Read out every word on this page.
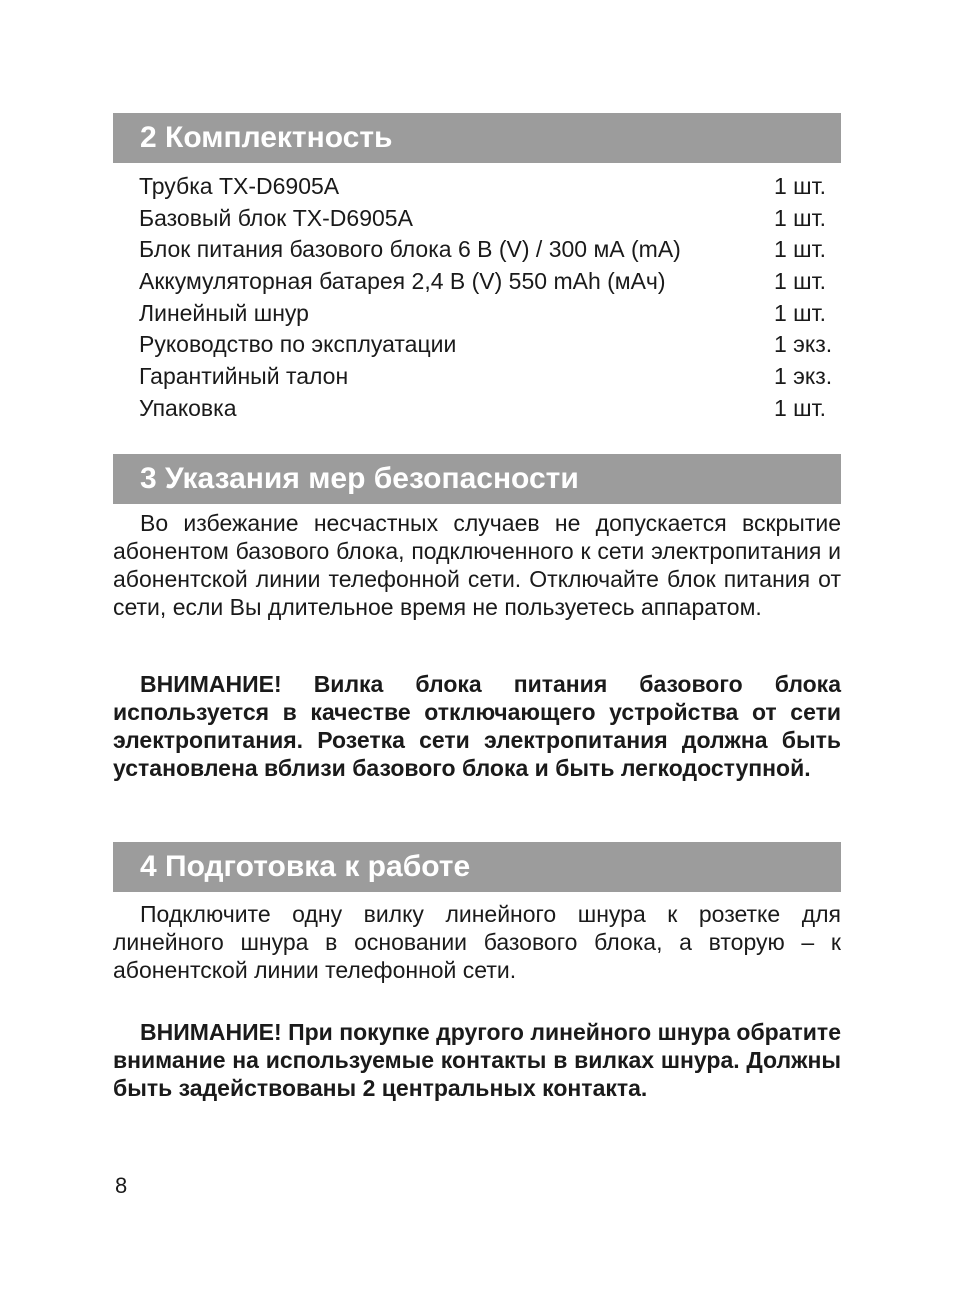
2 Комплектность
Трубка TX-D6905A	1 шт.
Базовый блок TX-D6905A	1 шт.
Блок питания базового блока 6 В (V) / 300 мА (mA)	1 шт.
Аккумуляторная батарея 2,4 В (V) 550 mAh (мАч)	1 шт.
Линейный шнур	1 шт.
Руководство по эксплуатации	1 экз.
Гарантийный талон	1 экз.
Упаковка	1 шт.
3 Указания мер безопасности

Во избежание несчастных случаев не допускается вскрытие абонентом базового блока, подключенного к сети электропитания и абонентской линии телефонной сети. Отключайте блок питания от сети, если Вы длительное время не пользуетесь аппаратом.

ВНИМАНИЕ! Вилка блока питания базового блока используется в качестве отключающего устройства от сети электропитания. Розетка сети электропитания должна быть установлена вблизи базового блока и быть легкодоступной.

4 Подготовка к работе

Подключите одну вилку линейного шнура к розетке для линейного шнура в основании базового блока, а вторую – к абонентской линии телефонной сети.

ВНИМАНИЕ! При покупке другого линейного шнура обратите внимание на используемые контакты в вилках шнура. Должны быть задействованы 2 центральных контакта.

8
